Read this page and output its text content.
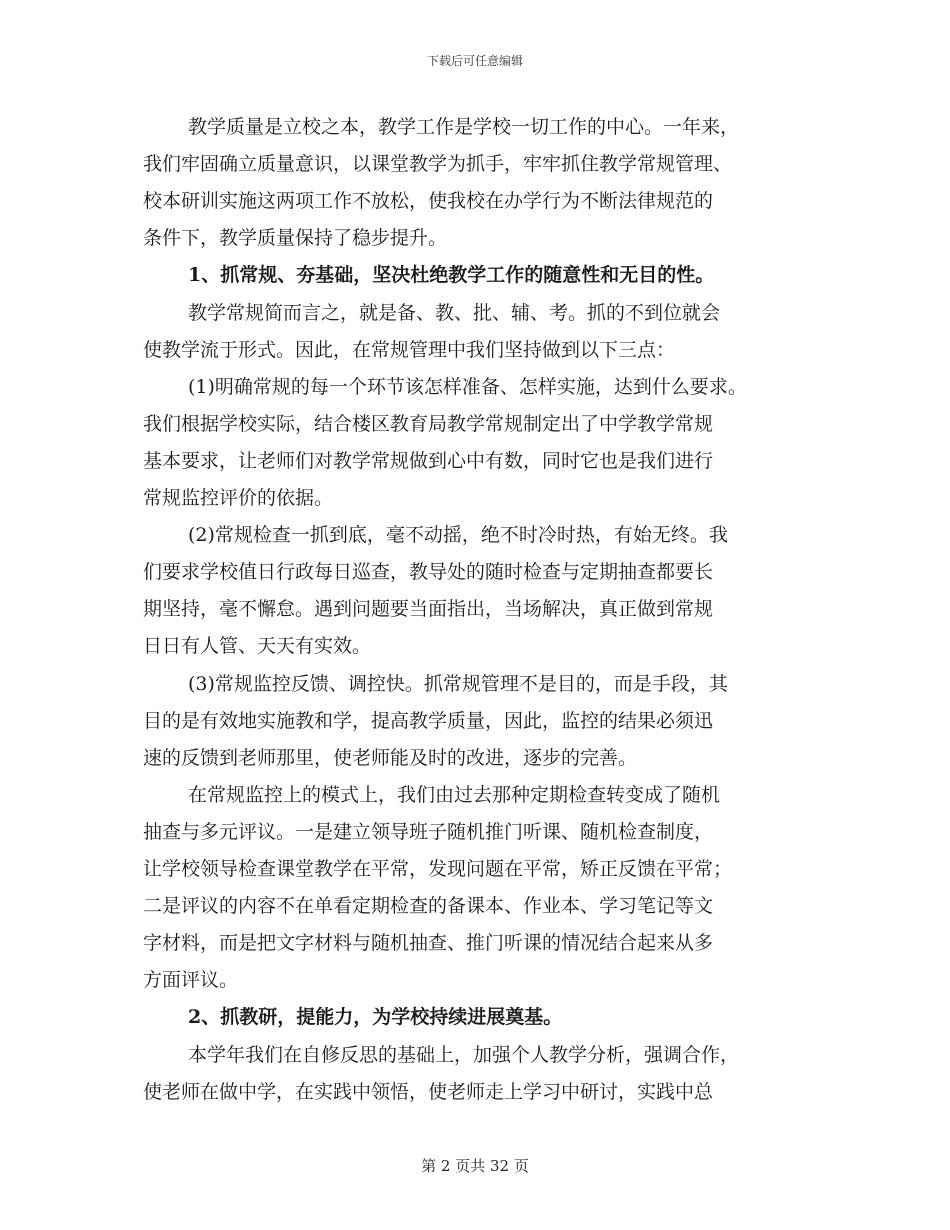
下载后可任意编辑
教学质量是立校之本，教学工作是学校一切工作的中心。一年来，
我们牢固确立质量意识，以课堂教学为抓手，牢牢抓住教学常规管理、
校本研训实施这两项工作不放松，使我校在办学行为不断法律规范的
条件下，教学质量保持了稳步提升。
1、抓常规、夯基础，坚决杜绝教学工作的随意性和无目的性。
教学常规简而言之，就是备、教、批、辅、考。抓的不到位就会
使教学流于形式。因此，在常规管理中我们坚持做到以下三点：
(1)明确常规的每一个环节该怎样准备、怎样实施，达到什么要求。
我们根据学校实际，结合楼区教育局教学常规制定出了中学教学常规
基本要求，让老师们对教学常规做到心中有数，同时它也是我们进行
常规监控评价的依据。
(2)常规检查一抓到底，毫不动摇，绝不时冷时热，有始无终。我
们要求学校值日行政每日巡查，教导处的随时检查与定期抽查都要长
期坚持，毫不懈怠。遇到问题要当面指出，当场解决，真正做到常规
日日有人管、天天有实效。
(3)常规监控反馈、调控快。抓常规管理不是目的，而是手段，其
目的是有效地实施教和学，提高教学质量，因此，监控的结果必须迅
速的反馈到老师那里，使老师能及时的改进，逐步的完善。
在常规监控上的模式上，我们由过去那种定期检查转变成了随机
抽查与多元评议。一是建立领导班子随机推门听课、随机检查制度，
让学校领导检查课堂教学在平常，发现问题在平常，矫正反馈在平常；
二是评议的内容不在单看定期检查的备课本、作业本、学习笔记等文
字材料，而是把文字材料与随机抽查、推门听课的情况结合起来从多
方面评议。
2、抓教研，提能力，为学校持续进展奠基。
本学年我们在自修反思的基础上，加强个人教学分析，强调合作，
使老师在做中学，在实践中领悟，使老师走上学习中研讨，实践中总
第 2 页共 32 页
